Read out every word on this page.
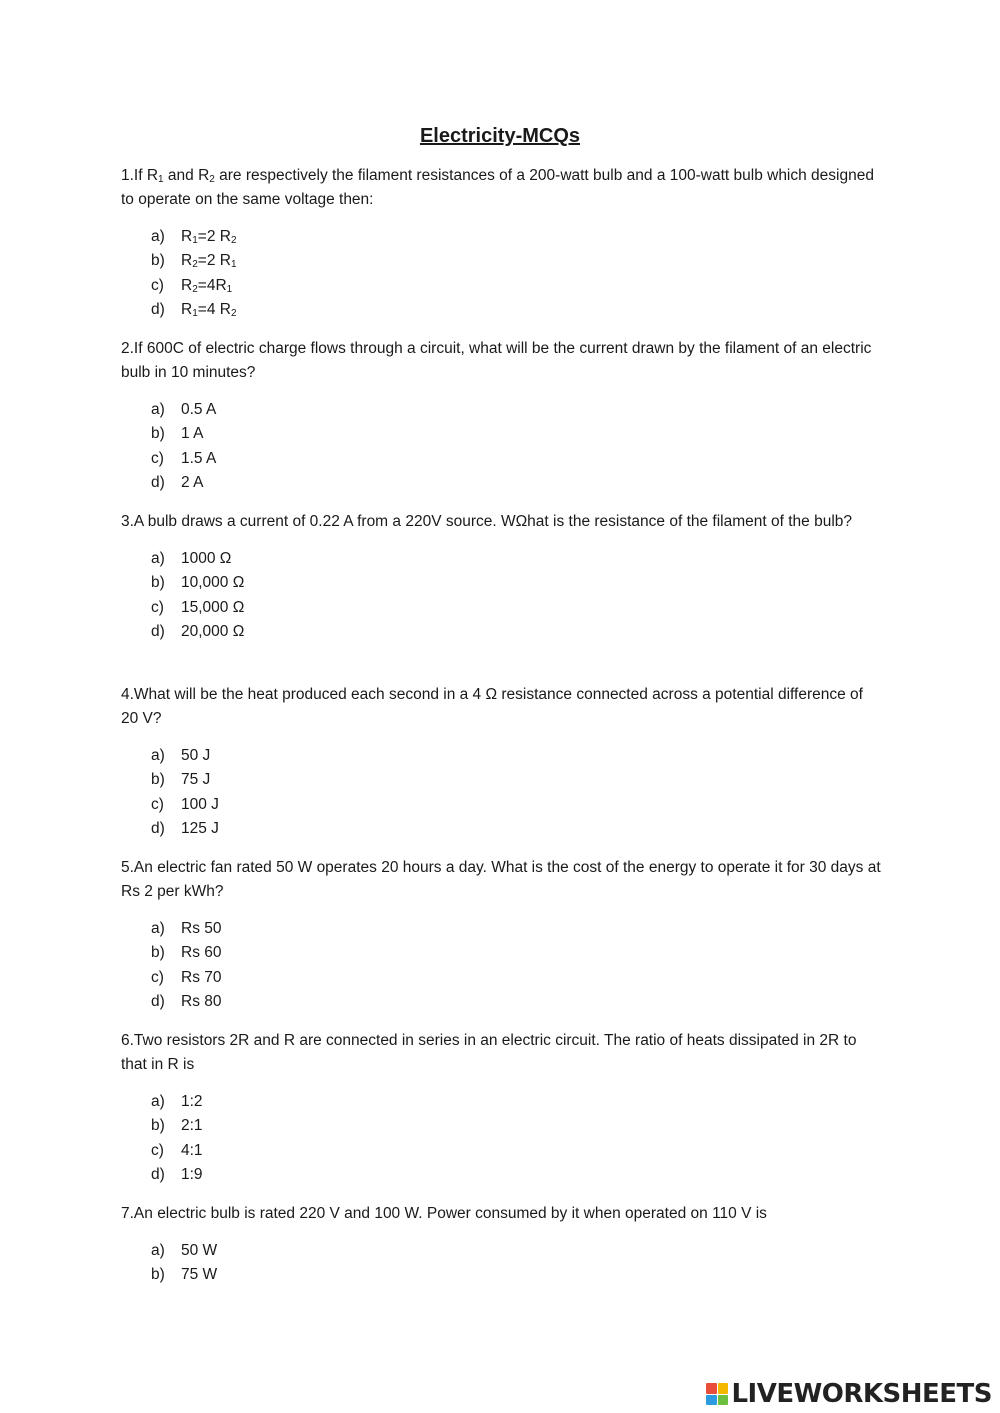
Electricity-MCQs

1.If $R_1$ and $R_2$ are respectively the filament resistances of a 200-watt bulb and a 100-watt bulb which designed to operate on the same voltage then:

a) $R_1=2$ $R_2$
b) $R_2=2$ $R_1$
c) $R_2=4R_1$
d) $R_1=4$ $R_2$

2.If 600C of electric charge flows through a circuit, what will be the current drawn by the filament of an electric bulb in 10 minutes?

a) 0.5 A
b) 1 A
c) 1.5 A
d) 2 A

3.A bulb draws a current of 0.22 A from a 220V source. WΩhat is the resistance of the filament of the bulb?

a) 1000 Ω
b) 10,000 Ω
c) 15,000 Ω
d) 20,000 Ω

4.What will be the heat produced each second in a 4 Ω resistance connected across a potential difference of 20 V?

a) 50 J
b) 75 J
c) 100 J
d) 125 J

5.An electric fan rated 50 W operates 20 hours a day. What is the cost of the energy to operate it for 30 days at Rs 2 per kWh?

a) Rs 50
b) Rs 60
c) Rs 70
d) Rs 80

6.Two resistors 2R and R are connected in series in an electric circuit. The ratio of heats dissipated in 2R to that in R is

a) 1:2
b) 2:1
c) 4:1
d) 1:9

7.An electric bulb is rated 220 V and 100 W. Power consumed by it when operated on 110 V is

a) 50 W
b) 75 W
LIVEWORKSHEETS
